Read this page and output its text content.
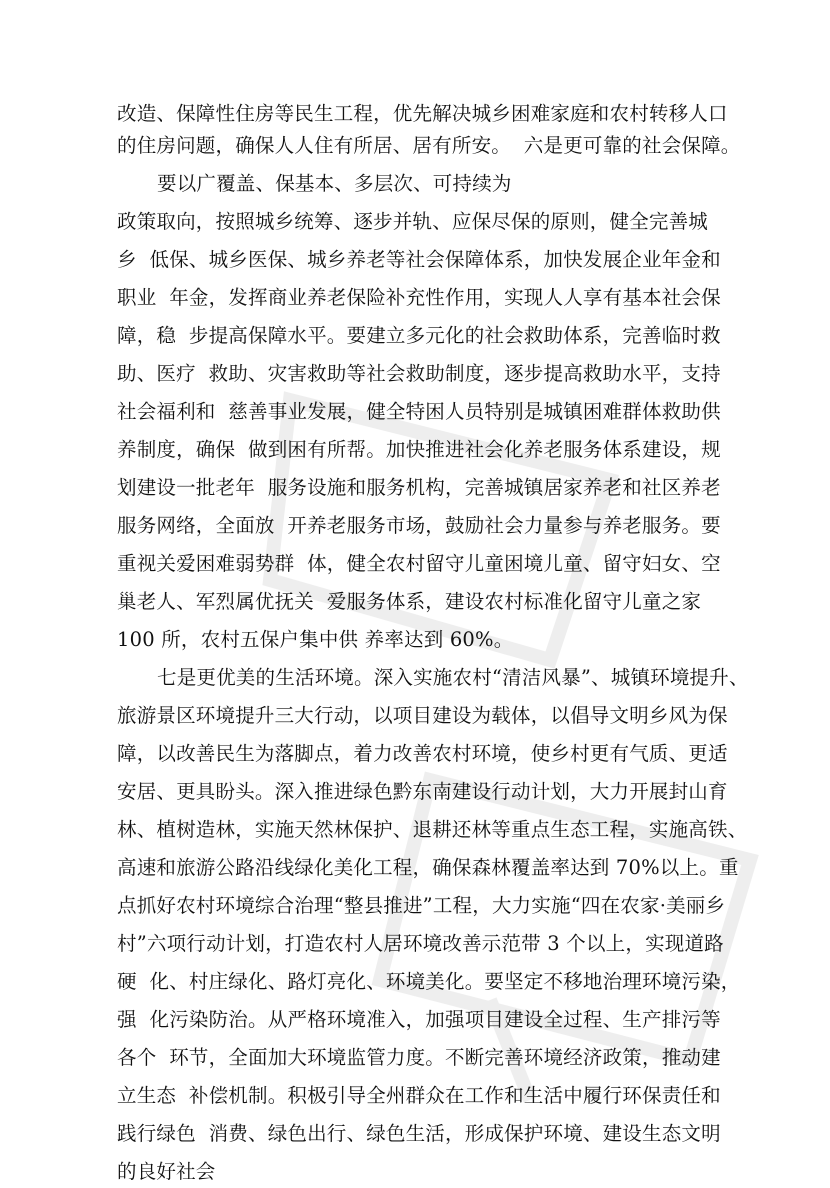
改造、保障性住房等民生工程，优先解决城乡困难家庭和农村转移人口
的住房问题，确保人人住有所居、居有所安。  六是更可靠的社会保障。
要以广覆盖、保基本、多层次、可持续为
政策取向，按照城乡统筹、逐步并轨、应保尽保的原则，健全完善城
乡  低保、城乡医保、城乡养老等社会保障体系，加快发展企业年金和
职业  年金，发挥商业养老保险补充性作用，实现人人享有基本社会保
障，稳  步提高保障水平。要建立多元化的社会救助体系，完善临时救
助、医疗  救助、灾害救助等社会救助制度，逐步提高救助水平，支持
社会福利和  慈善事业发展，健全特困人员特别是城镇困难群体救助供
养制度，确保  做到困有所帮。加快推进社会化养老服务体系建设，规
划建设一批老年  服务设施和服务机构，完善城镇居家养老和社区养老
服务网络，全面放  开养老服务市场，鼓励社会力量参与养老服务。要
重视关爱困难弱势群  体，健全农村留守儿童困境儿童、留守妇女、空
巢老人、军烈属优抚关  爱服务体系，建设农村标准化留守儿童之家
100 所，农村五保户集中供 养率达到 60%。
七是更优美的生活环境。深入实施农村“清洁风暴”、城镇环境提升、
旅游景区环境提升三大行动，以项目建设为载体，以倡导文明乡风为保
障，以改善民生为落脚点，着力改善农村环境，使乡村更有气质、更适
安居、更具盼头。深入推进绿色黔东南建设行动计划，大力开展封山育
林、植树造林，实施天然林保护、退耕还林等重点生态工程，实施高铁、
高速和旅游公路沿线绿化美化工程，确保森林覆盖率达到 70%以上。重
点抓好农村环境综合治理“整县推进”工程，大力实施“四在农家·美丽乡
村”六项行动计划，打造农村人居环境改善示范带 3 个以上，实现道路
硬  化、村庄绿化、路灯亮化、环境美化。要坚定不移地治理环境污染，
强  化污染防治。从严格环境准入，加强项目建设全过程、生产排污等
各个  环节，全面加大环境监管力度。不断完善环境经济政策，推动建
立生态  补偿机制。积极引导全州群众在工作和生活中履行环保责任和
践行绿色  消费、绿色出行、绿色生活，形成保护环境、建设生态文明
的良好社会
